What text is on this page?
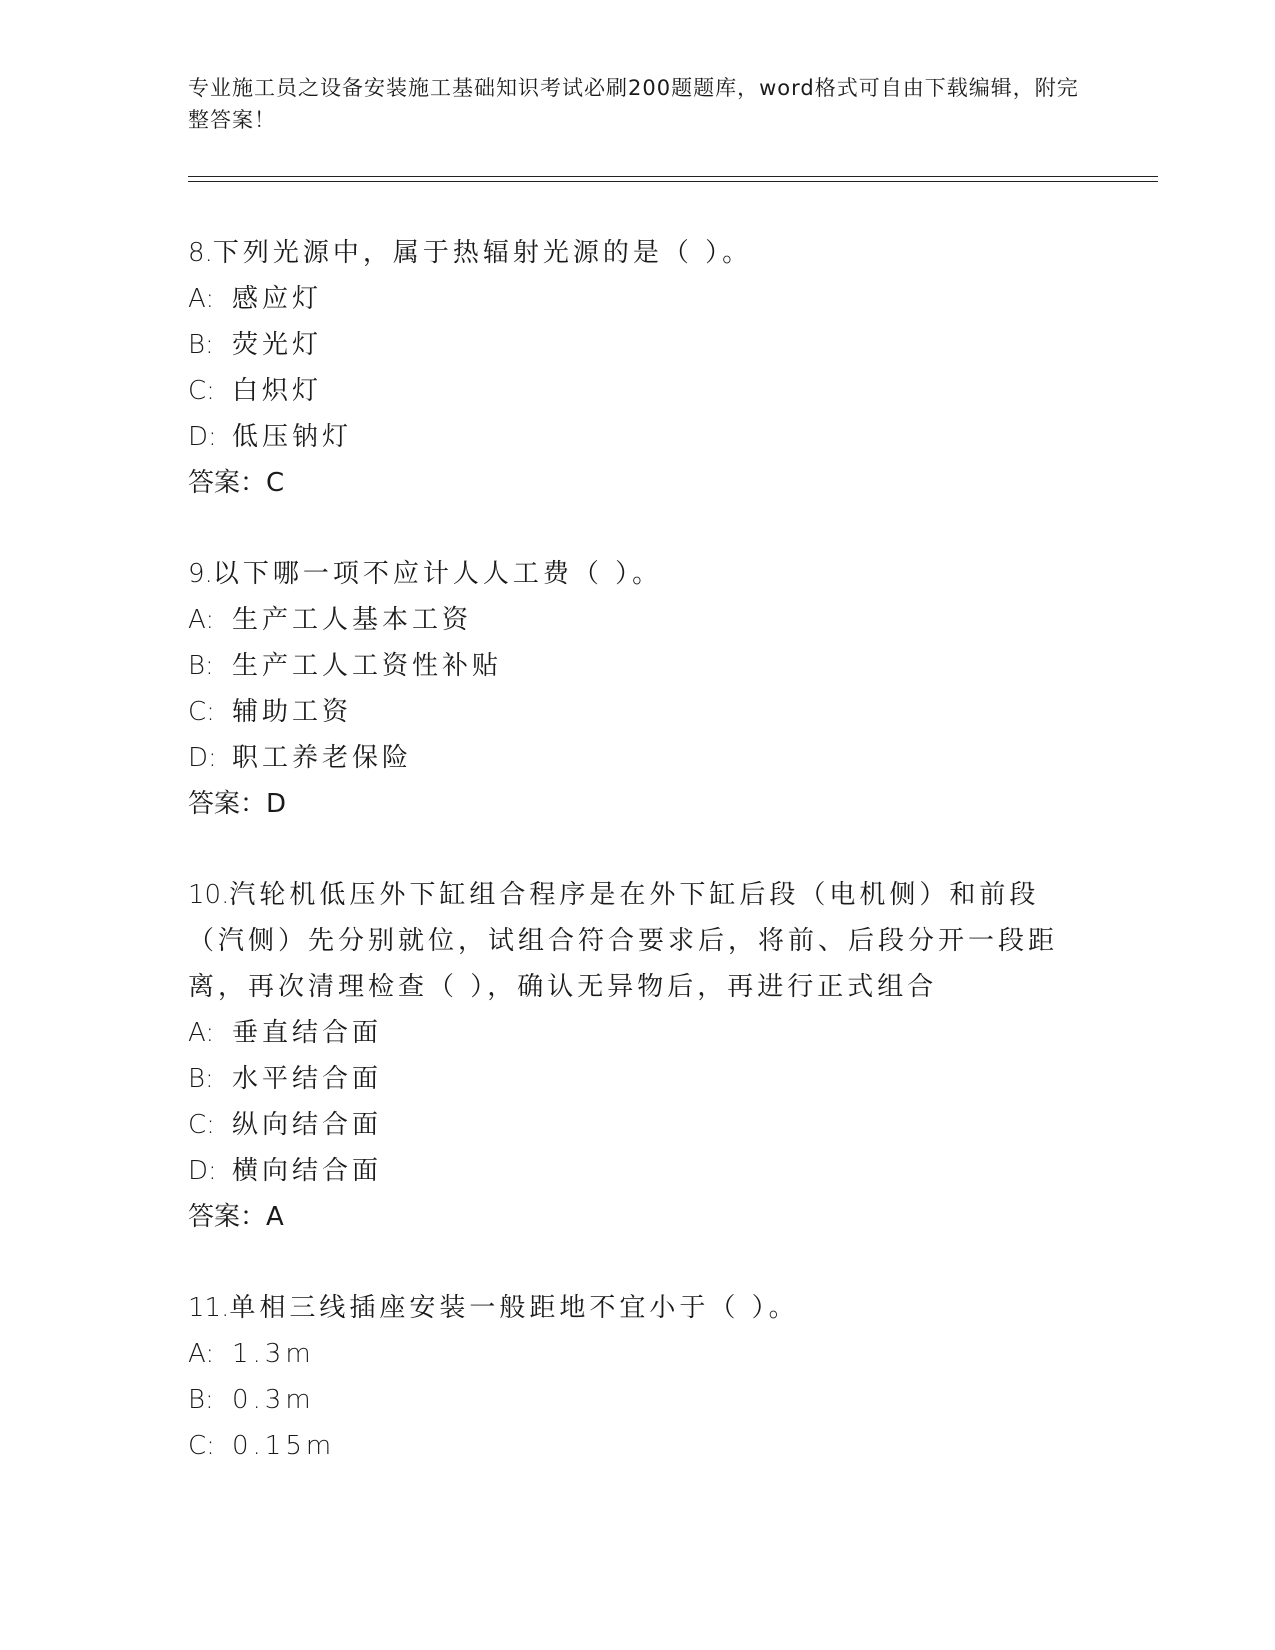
专业施工员之设备安装施工基础知识考试必刷200题题库，word格式可自由下载编辑，附完整答案！
8.下列光源中，属于热辐射光源的是（ ）。
A: 感应灯
B: 荧光灯
C: 白炽灯
D: 低压钠灯
答案：C
9.以下哪一项不应计人人工费（ ）。
A: 生产工人基本工资
B: 生产工人工资性补贴
C: 辅助工资
D: 职工养老保险
答案：D
10.汽轮机低压外下缸组合程序是在外下缸后段（电机侧）和前段（汽侧）先分别就位，试组合符合要求后，将前、后段分开一段距离，再次清理检查（ ），确认无异物后，再进行正式组合
A: 垂直结合面
B: 水平结合面
C: 纵向结合面
D: 横向结合面
答案：A
11.单相三线插座安装一般距地不宜小于（ ）。
A: 1.3m
B: 0.3m
C: 0.15m
